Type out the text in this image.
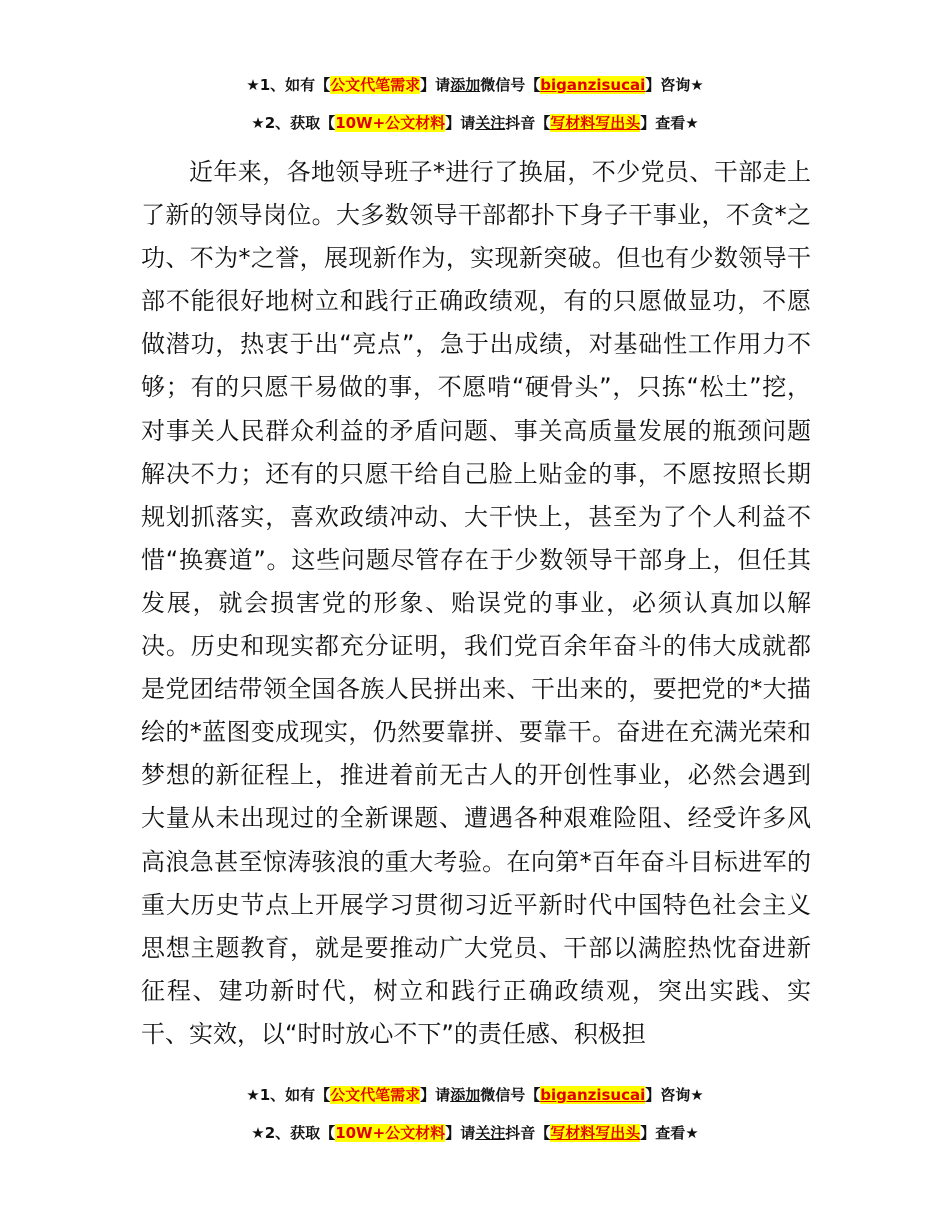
★1、如有【公文代笔需求】请添加微信号【biganzisucai】咨询★
★2、获取【10W+公文材料】请关注抖音【写材料写出头】查看★

近年来，各地领导班子*进行了换届，不少党员、干部走上了新的领导岗位。大多数领导干部都扑下身子干事业，不贪*之功、不为*之誉，展现新作为，实现新突破。但也有少数领导干部不能很好地树立和践行正确政绩观，有的只愿做显功，不愿做潜功，热衷于出“亮点”，急于出成绩，对基础性工作用力不够；有的只愿干易做的事，不愿啃“硬骨头”，只拣“松土”挖，对事关人民群众利益的矛盾问题、事关高质量发展的瓶颈问题解决不力；还有的只愿干给自己脸上贴金的事，不愿按照长期规划抓落实，喜欢政绩冲动、大干快上，甚至为了个人利益不惜“换赛道”。这些问题尽管存在于少数领导干部身上，但任其发展，就会损害党的形象、贻误党的事业，必须认真加以解决。历史和现实都充分证明，我们党百余年奋斗的伟大成就都是党团结带领全国各族人民拼出来、干出来的，要把党的*大描绘的*蓝图变成现实，仍然要靠拼、要靠干。奋进在充满光荣和梦想的新征程上，推进着前无古人的开创性事业，必然会遇到大量从未出现过的全新课题、遭遇各种艰难险阻、经受许多风高浪急甚至惊涛骇浪的重大考验。在向第*百年奋斗目标进军的重大历史节点上开展学习贯彻习近平新时代中国特色社会主义思想主题教育，就是要推动广大党员、干部以满腔热忱奋进新征程、建功新时代，树立和践行正确政绩观，突出实践、实干、实效，以“时时放心不下”的责任感、积极担

★1、如有【公文代笔需求】请添加微信号【biganzisucai】咨询★
★2、获取【10W+公文材料】请关注抖音【写材料写出头】查看★
